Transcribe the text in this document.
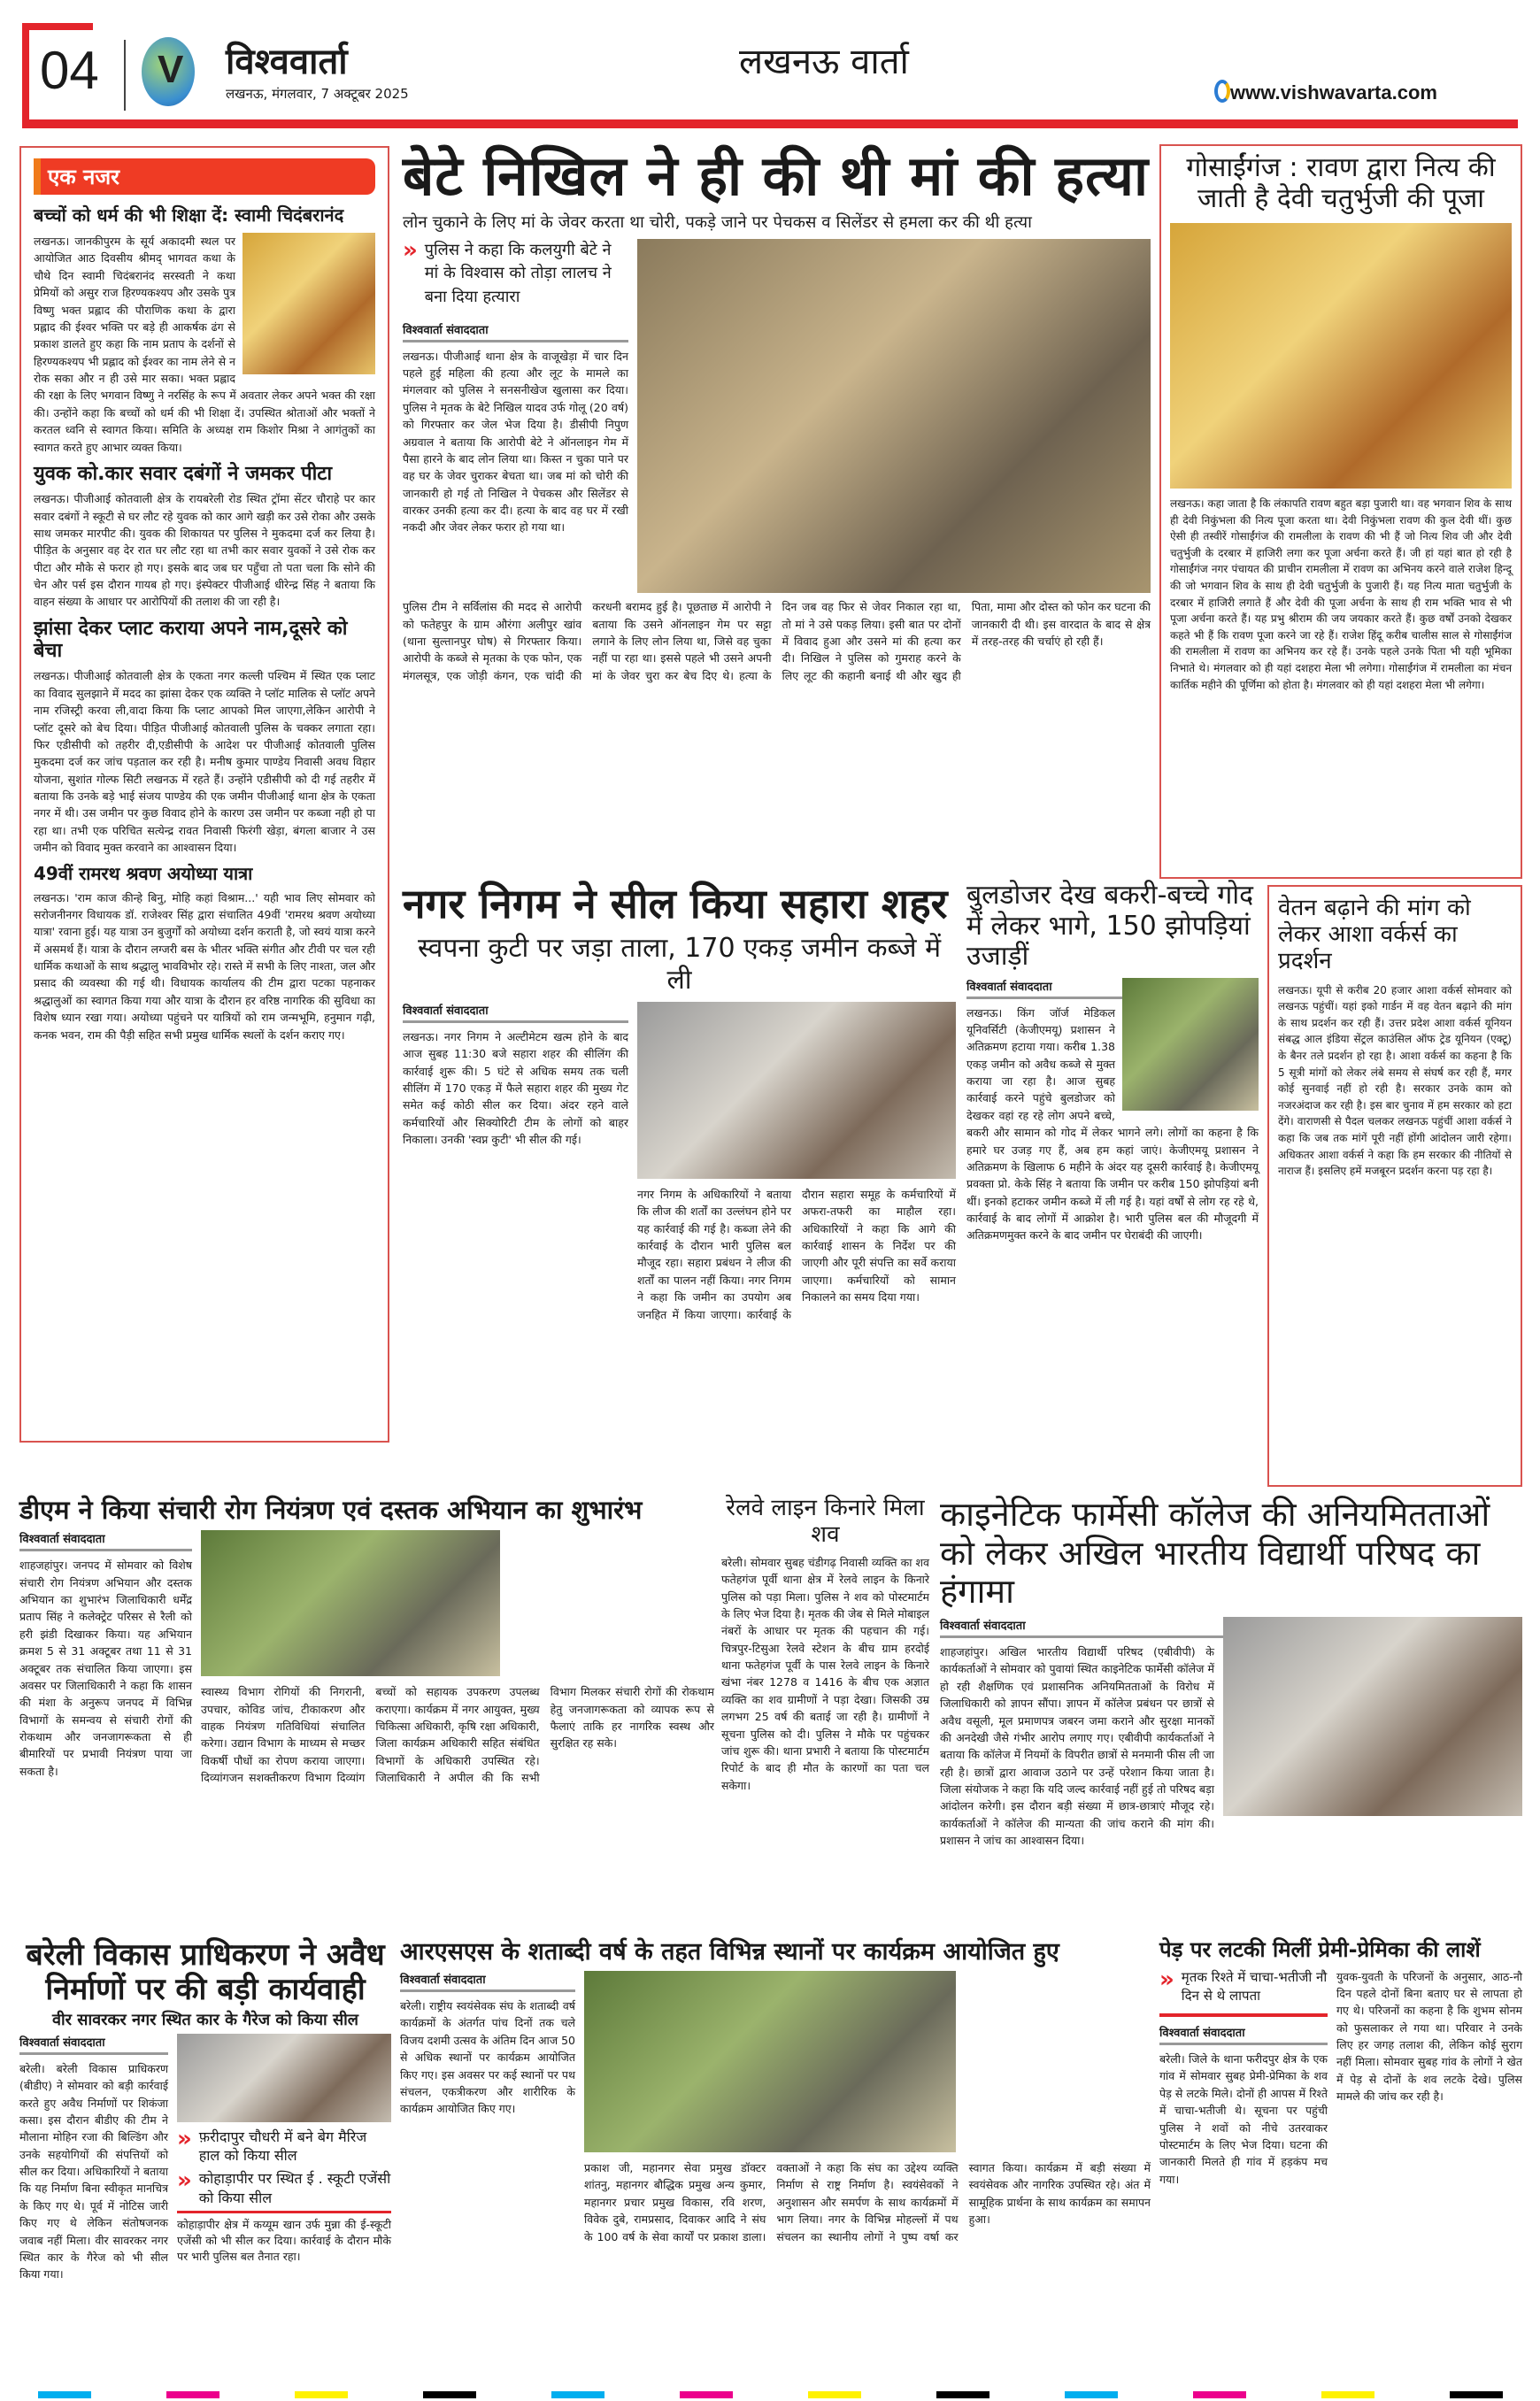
04 V विश्ववार्ता
लखनऊ, मंगलवार, 7 अक्टूबर 2025
लखनऊ वार्ता
www.vishwavarta.com
एक नजर
बच्चों को धर्म की भी शिक्षा दें: स्वामी चिदंबरानंद

लखनऊ। जानकीपुरम के सूर्य अकादमी स्थल पर आयोजित आठ दिवसीय श्रीमद् भागवत कथा के चौथे दिन स्वामी चिदंबरानंद सरस्वती ने कथा प्रेमियों को असुर राज हिरण्यकश्यप और उसके पुत्र विष्णु भक्त प्रह्लाद की पौराणिक कथा के द्वारा प्रह्लाद की ईश्वर भक्ति पर बड़े ही आकर्षक ढंग से प्रकाश डालते हुए कहा कि नाम प्रताप के दर्शनों से हिरण्यकश्यप भी प्रह्लाद को ईश्वर का नाम लेने से न रोक सका और न ही उसे मार सका। भक्त प्रह्लाद की रक्षा के लिए भगवान विष्णु ने नरसिंह के रूप में अवतार लेकर अपने भक्त की रक्षा की। उन्होंने कहा कि बच्चों को धर्म की भी शिक्षा दें। उपस्थित श्रोताओं और भक्तों ने करतल ध्वनि से स्वागत किया। समिति के अध्यक्ष राम किशोर मिश्रा ने आगंतुकों का स्वागत करते हुए आभार व्यक्त किया।

युवक को.कार सवार दबंगों ने जमकर पीटा

लखनऊ। पीजीआई कोतवाली क्षेत्र के रायबरेली रोड स्थित ट्रॉमा सेंटर चौराहे पर कार सवार दबंगों ने स्कूटी से घर लौट रहे युवक को कार आगे खड़ी कर उसे रोका और उसके साथ जमकर मारपीट की। युवक की शिकायत पर पुलिस ने मुकदमा दर्ज कर लिया है। पीड़ित के अनुसार वह देर रात घर लौट रहा था तभी कार सवार युवकों ने उसे रोक कर पीटा और मौके से फरार हो गए। इसके बाद जब घर पहुँचा तो पता चला कि सोने की चेन और पर्स इस दौरान गायब हो गए। इंस्पेक्टर पीजीआई धीरेन्द्र सिंह ने बताया कि वाहन संख्या के आधार पर आरोपियों की तलाश की जा रही है।

झांसा देकर प्लाट कराया अपने नाम,दूसरे को बेचा

लखनऊ। पीजीआई कोतवाली क्षेत्र के एकता नगर कल्ली पश्चिम में स्थित एक प्लाट का विवाद सुलझाने में मदद का झांसा देकर एक व्यक्ति ने प्लॉट मालिक से प्लॉट अपने नाम रजिस्ट्री करवा ली,वादा किया कि प्लाट आपको मिल जाएगा,लेकिन आरोपी ने प्लॉट दूसरे को बेच दिया। पीड़ित पीजीआई कोतवाली पुलिस के चक्कर लगाता रहा। फिर एडीसीपी को तहरीर दी,एडीसीपी के आदेश पर पीजीआई कोतवाली पुलिस मुकदमा दर्ज कर जांच पड़ताल कर रही है। मनीष कुमार पाण्डेय निवासी अवध विहार योजना, सुशांत गोल्फ सिटी लखनऊ में रहते हैं। उन्होंने एडीसीपी को दी गई तहरीर में बताया कि उनके बड़े भाई संजय पाण्डेय की एक जमीन पीजीआई थाना क्षेत्र के एकता नगर में थी। उस जमीन पर कुछ विवाद होने के कारण उस जमीन पर कब्जा नही हो पा रहा था। तभी एक परिचित सत्येन्द्र रावत निवासी फिरंगी खेड़ा, बंगला बाजार ने उस जमीन को विवाद मुक्त करवाने का आश्वासन दिया।

49वीं रामरथ श्रवण अयोध्या यात्रा

लखनऊ। 'राम काज कीन्हे बिनु, मोहि कहां विश्राम...' यही भाव लिए सोमवार को सरोजनीनगर विधायक डॉ. राजेश्वर सिंह द्वारा संचालित 49वीं 'रामरथ श्रवण अयोध्या यात्रा' रवाना हुई। यह यात्रा उन बुजुर्गों को अयोध्या दर्शन कराती है, जो स्वयं यात्रा करने में असमर्थ हैं। यात्रा के दौरान लग्जरी बस के भीतर भक्ति संगीत और टीवी पर चल रही धार्मिक कथाओं के साथ श्रद्धालु भावविभोर रहे। रास्ते में सभी के लिए नाश्ता, जल और प्रसाद की व्यवस्था की गई थी। विधायक कार्यालय की टीम द्वारा पटका पहनाकर श्रद्धालुओं का स्वागत किया गया और यात्रा के दौरान हर वरिष्ठ नागरिक की सुविधा का विशेष ध्यान रखा गया। अयोध्या पहुंचने पर यात्रियों को राम जन्मभूमि, हनुमान गढ़ी, कनक भवन, राम की पैड़ी सहित सभी प्रमुख धार्मिक स्थलों के दर्शन कराए गए।

बेटे निखिल ने ही की थी मां की हत्या
लोन चुकाने के लिए मां के जेवर करता था चोरी, पकड़े जाने पर पेचकस व सिलेंडर से हमला कर की थी हत्या
» पुलिस ने कहा कि कलयुगी बेटे ने मां के विश्वास को तोड़ा लालच ने बना दिया हत्यारा
विश्ववार्ता संवाददाता

लखनऊ। पीजीआई थाना क्षेत्र के वाजूखेड़ा में चार दिन पहले हुई महिला की हत्या और लूट के मामले का मंगलवार को पुलिस ने सनसनीखेज खुलासा कर दिया। पुलिस ने मृतक के बेटे निखिल यादव उर्फ गोलू (20 वर्ष) को गिरफ्तार कर जेल भेज दिया है। डीसीपी निपुण अग्रवाल ने बताया कि आरोपी बेटे ने ऑनलाइन गेम में पैसा हारने के बाद लोन लिया था। किस्त न चुका पाने पर वह घर के जेवर चुराकर बेचता था। जब मां को चोरी की जानकारी हो गई तो निखिल ने पेचकस और सिलेंडर से वारकर उनकी हत्या कर दी। हत्या के बाद वह घर में रखी नकदी और जेवर लेकर फरार हो गया था।

पुलिस टीम ने सर्विलांस की मदद से आरोपी को फतेहपुर के ग्राम औरंगा अलीपुर खांव (थाना सुल्तानपुर घोष) से गिरफ्तार किया। आरोपी के कब्जे से मृतका के एक फोन, एक मंगलसूत्र, एक जोड़ी कंगन, एक चांदी की करधनी बरामद हुई है। पूछताछ में आरोपी ने बताया कि उसने ऑनलाइन गेम पर सट्टा लगाने के लिए लोन लिया था, जिसे वह चुका नहीं पा रहा था। इससे पहले भी उसने अपनी मां के जेवर चुरा कर बेच दिए थे। हत्या के दिन जब वह फिर से जेवर निकाल रहा था, तो मां ने उसे पकड़ लिया। इसी बात पर दोनों में विवाद हुआ और उसने मां की हत्या कर दी। निखिल ने पुलिस को गुमराह करने के लिए लूट की कहानी बनाई थी और खुद ही पिता, मामा और दोस्त को फोन कर घटना की जानकारी दी थी। इस वारदात के बाद से क्षेत्र में तरह-तरह की चर्चाएं हो रही हैं।
गोसाईंगंज : रावण द्वारा नित्य की जाती है देवी चतुर्भुजी की पूजा

लखनऊ। कहा जाता है कि लंकापति रावण बहुत बड़ा पुजारी था। वह भगवान शिव के साथ ही देवी निकुंभला की नित्य पूजा करता था। देवी निकुंभला रावण की कुल देवी थीं। कुछ ऐसी ही तस्वीरें गोसाईंगंज की रामलीला के रावण की भी हैं जो नित्य शिव जी और देवी चतुर्भुजी के दरबार में हाजिरी लगा कर पूजा अर्चना करते हैं। जी हां यहां बात हो रही है गोसाईंगंज नगर पंचायत की प्राचीन रामलीला में रावण का अभिनय करने वाले राजेश हिन्दू की जो भगवान शिव के साथ ही देवी चतुर्भुजी के पुजारी हैं। यह नित्य माता चतुर्भुजी के दरबार में हाजिरी लगाते हैं और देवी की पूजा अर्चना के साथ ही राम भक्ति भाव से भी पूजा अर्चना करते हैं। यह प्रभु श्रीराम की जय जयकार करते हैं। कुछ वर्षों उनको देखकर कहते भी हैं कि रावण पूजा करने जा रहे हैं। राजेश हिंदू करीब चालीस साल से गोसाईंगंज की रामलीला में रावण का अभिनय कर रहे हैं। उनके पहले उनके पिता भी यही भूमिका निभाते थे। मंगलवार को ही यहां दशहरा मेला भी लगेगा। गोसाईंगंज में रामलीला का मंचन कार्तिक महीने की पूर्णिमा को होता है। मंगलवार को ही यहां दशहरा मेला भी लगेगा।

नगर निगम ने सील किया सहारा शहर
स्वपना कुटी पर जड़ा ताला, 170 एकड़ जमीन कब्जे में ली
विश्ववार्ता संवाददाता

लखनऊ। नगर निगम ने अल्टीमेटम खत्म होने के बाद आज सुबह 11:30 बजे सहारा शहर की सीलिंग की कार्रवाई शुरू की। 5 घंटे से अधिक समय तक चली सीलिंग में 170 एकड़ में फैले सहारा शहर की मुख्य गेट समेत कई कोठी सील कर दिया। अंदर रहने वाले कर्मचारियों और सिक्योरिटी टीम के लोगों को बाहर निकाला। उनकी 'स्वप्न कुटी' भी सील की गई।

नगर निगम के अधिकारियों ने बताया कि लीज की शर्तों का उल्लंघन होने पर यह कार्रवाई की गई है। कब्जा लेने की कार्रवाई के दौरान भारी पुलिस बल मौजूद रहा। सहारा प्रबंधन ने लीज की शर्तों का पालन नहीं किया। नगर निगम ने कहा कि जमीन का उपयोग अब जनहित में किया जाएगा। कार्रवाई के दौरान सहारा समूह के कर्मचारियों में अफरा-तफरी का माहौल रहा। अधिकारियों ने कहा कि आगे की कार्रवाई शासन के निर्देश पर की जाएगी और पूरी संपत्ति का सर्वे कराया जाएगा। कर्मचारियों को सामान निकालने का समय दिया गया।
बुलडोजर देख बकरी-बच्चे गोद में लेकर भागे, 150 झोपड़ियां उजाड़ीं
विश्ववार्ता संवाददाता

लखनऊ। किंग जॉर्ज मेडिकल यूनिवर्सिटी (केजीएमयू) प्रशासन ने अतिक्रमण हटाया गया। करीब 1.38 एकड़ जमीन को अवैध कब्जे से मुक्त कराया जा रहा है। आज सुबह कार्रवाई करने पहुंचे बुलडोजर को देखकर वहां रह रहे लोग अपने बच्चे, बकरी और सामान को गोद में लेकर भागने लगे। लोगों का कहना है कि हमारे घर उजड़ गए हैं, अब हम कहां जाएं। केजीएमयू प्रशासन ने अतिक्रमण के खिलाफ 6 महीने के अंदर यह दूसरी कार्रवाई है। केजीएमयू प्रवक्ता प्रो. केके सिंह ने बताया कि जमीन पर करीब 150 झोपड़ियां बनी थीं। इनको हटाकर जमीन कब्जे में ली गई है। यहां वर्षों से लोग रह रहे थे, कार्रवाई के बाद लोगों में आक्रोश है। भारी पुलिस बल की मौजूदगी में अतिक्रमणमुक्त करने के बाद जमीन पर घेराबंदी की जाएगी।

वेतन बढ़ाने की मांग को लेकर आशा वर्कर्स का प्रदर्शन

लखनऊ। यूपी से करीब 20 हजार आशा वर्कर्स सोमवार को लखनऊ पहुंचीं। यहां इको गार्डन में वह वेतन बढ़ाने की मांग के साथ प्रदर्शन कर रही हैं। उत्तर प्रदेश आशा वर्कर्स यूनियन संबद्ध आल इंडिया सेंट्रल काउंसिल ऑफ ट्रेड यूनियन (एक्टू) के बैनर तले प्रदर्शन हो रहा है। आशा वर्कर्स का कहना है कि 5 सूत्री मांगों को लेकर लंबे समय से संघर्ष कर रही हैं, मगर कोई सुनवाई नहीं हो रही है। सरकार उनके काम को नजरअंदाज कर रही है। इस बार चुनाव में हम सरकार को हटा देंगे। वाराणसी से पैदल चलकर लखनऊ पहुंचीं आशा वर्कर्स ने कहा कि जब तक मांगें पूरी नहीं होंगी आंदोलन जारी रहेगा। अधिकतर आशा वर्कर्स ने कहा कि हम सरकार की नीतियों से नाराज हैं। इसलिए हमें मजबूरन प्रदर्शन करना पड़ रहा है।

डीएम ने किया संचारी रोग नियंत्रण एवं दस्तक अभियान का शुभारंभ
विश्ववार्ता संवाददाता

शाहजहांपुर। जनपद में सोमवार को विशेष संचारी रोग नियंत्रण अभियान और दस्तक अभियान का शुभारंभ जिलाधिकारी धर्मेंद्र प्रताप सिंह ने कलेक्ट्रेट परिसर से रैली को हरी झंडी दिखाकर किया। यह अभियान क्रमश 5 से 31 अक्टूबर तथा 11 से 31 अक्टूबर तक संचालित किया जाएगा। इस अवसर पर जिलाधिकारी ने कहा कि शासन की मंशा के अनुरूप जनपद में विभिन्न विभागों के समन्वय से संचारी रोगों की रोकथाम और जनजागरूकता से ही बीमारियों पर प्रभावी नियंत्रण पाया जा सकता है।

स्वास्थ्य विभाग रोगियों की निगरानी, उपचार, कोविड जांच, टीकाकरण और वाहक नियंत्रण गतिविधियां संचालित करेगा। उद्यान विभाग के माध्यम से मच्छर विकर्षी पौधों का रोपण कराया जाएगा। दिव्यांगजन सशक्तीकरण विभाग दिव्यांग बच्चों को सहायक उपकरण उपलब्ध कराएगा। कार्यक्रम में नगर आयुक्त, मुख्य चिकित्सा अधिकारी, कृषि रक्षा अधिकारी, जिला कार्यक्रम अधिकारी सहित संबंधित विभागों के अधिकारी उपस्थित रहे। जिलाधिकारी ने अपील की कि सभी विभाग मिलकर संचारी रोगों की रोकथाम हेतु जनजागरूकता को व्यापक रूप से फैलाएं ताकि हर नागरिक स्वस्थ और सुरक्षित रह सके।
रेलवे लाइन किनारे मिला शव
बरेली। सोमवार सुबह चंडीगढ़ निवासी व्यक्ति का शव फतेहगंज पूर्वी थाना क्षेत्र में रेलवे लाइन के किनारे पुलिस को पड़ा मिला। पुलिस ने शव को पोस्टमार्टम के लिए भेज दिया है। मृतक की जेब से मिले मोबाइल नंबरों के आधार पर मृतक की पहचान की गई। चित्रपुर-टिसुआ रेलवे स्टेशन के बीच ग्राम हरदोई थाना फतेहगंज पूर्वी के पास रेलवे लाइन के किनारे खंभा नंबर 1278 व 1416 के बीच एक अज्ञात व्यक्ति का शव ग्रामीणों ने पड़ा देखा। जिसकी उम्र लगभग 25 वर्ष की बताई जा रही है। ग्रामीणों ने सूचना पुलिस को दी। पुलिस ने मौके पर पहुंचकर जांच शुरू की। थाना प्रभारी ने बताया कि पोस्टमार्टम रिपोर्ट के बाद ही मौत के कारणों का पता चल सकेगा।
काइनेटिक फार्मेसी कॉलेज की अनियमितताओं को लेकर अखिल भारतीय विद्यार्थी परिषद का हंगामा
विश्ववार्ता संवाददाता

शाहजहांपुर। अखिल भारतीय विद्यार्थी परिषद (एबीवीपी) के कार्यकर्ताओं ने सोमवार को पुवायां स्थित काइनेटिक फार्मेसी कॉलेज में हो रही शैक्षणिक एवं प्रशासनिक अनियमितताओं के विरोध में जिलाधिकारी को ज्ञापन सौंपा। ज्ञापन में कॉलेज प्रबंधन पर छात्रों से अवैध वसूली, मूल प्रमाणपत्र जबरन जमा कराने और सुरक्षा मानकों की अनदेखी जैसे गंभीर आरोप लगाए गए। एबीवीपी कार्यकर्ताओं ने बताया कि कॉलेज में नियमों के विपरीत छात्रों से मनमानी फीस ली जा रही है। छात्रों द्वारा आवाज उठाने पर उन्हें परेशान किया जाता है। जिला संयोजक ने कहा कि यदि जल्द कार्रवाई नहीं हुई तो परिषद बड़ा आंदोलन करेगी। इस दौरान बड़ी संख्या में छात्र-छात्राएं मौजूद रहे। कार्यकर्ताओं ने कॉलेज की मान्यता की जांच कराने की मांग की। प्रशासन ने जांच का आश्वासन दिया।

बरेली विकास प्राधिकरण ने अवैध निर्माणों पर की बड़ी कार्यवाही
वीर सावरकर नगर स्थित कार के गैरेज को किया सील
विश्ववार्ता संवाददाता

बरेली। बरेली विकास प्राधिकरण (बीडीए) ने सोमवार को बड़ी कार्रवाई करते हुए अवैध निर्माणों पर शिकंजा कसा। इस दौरान बीडीए की टीम ने मौलाना मोहिन रजा की बिल्डिंग और उनके सहयोगियों की संपत्तियों को सील कर दिया। अधिकारियों ने बताया कि यह निर्माण बिना स्वीकृत मानचित्र के किए गए थे। पूर्व में नोटिस जारी किए गए थे लेकिन संतोषजनक जवाब नहीं मिला। वीर सावरकर नगर स्थित कार के गैरेज को भी सील किया गया।

» फ़रीदापुर चौधरी में बने बेग मैरिज हाल को किया सील
» कोहाड़ापीर पर स्थित ई . स्कूटी एजेंसी को किया सील
कोहाड़ापीर क्षेत्र में कय्यूम खान उर्फ मुन्ना की ई-स्कूटी एजेंसी को भी सील कर दिया। कार्रवाई के दौरान मौके पर भारी पुलिस बल तैनात रहा।
आरएसएस के शताब्दी वर्ष के तहत विभिन्न स्थानों पर कार्यक्रम आयोजित हुए
विश्ववार्ता संवाददाता

बरेली। राष्ट्रीय स्वयंसेवक संघ के शताब्दी वर्ष कार्यक्रमों के अंतर्गत पांच दिनों तक चले विजय दशमी उत्सव के अंतिम दिन आज 50 से अधिक स्थानों पर कार्यक्रम आयोजित किए गए। इस अवसर पर कई स्थानों पर पथ संचलन, एकत्रीकरण और शारीरिक के कार्यक्रम आयोजित किए गए।

प्रकाश जी, महानगर सेवा प्रमुख डॉक्टर शांतनु, महानगर बौद्धिक प्रमुख अन्य कुमार, महानगर प्रचार प्रमुख विकास, रवि शरण, विवेक दुबे, रामप्रसाद, दिवाकर आदि ने संघ के 100 वर्ष के सेवा कार्यों पर प्रकाश डाला। वक्ताओं ने कहा कि संघ का उद्देश्य व्यक्ति निर्माण से राष्ट्र निर्माण है। स्वयंसेवकों ने अनुशासन और समर्पण के साथ कार्यक्रमों में भाग लिया। नगर के विभिन्न मोहल्लों में पथ संचलन का स्थानीय लोगों ने पुष्प वर्षा कर स्वागत किया। कार्यक्रम में बड़ी संख्या में स्वयंसेवक और नागरिक उपस्थित रहे। अंत में सामूहिक प्रार्थना के साथ कार्यक्रम का समापन हुआ।
पेड़ पर लटकी मिलीं प्रेमी-प्रेमिका की लाशें
» मृतक रिश्ते में चाचा-भतीजी नौ दिन से थे लापता
विश्ववार्ता संवाददाता

बरेली। जिले के थाना फरीदपुर क्षेत्र के एक गांव में सोमवार सुबह प्रेमी-प्रेमिका के शव पेड़ से लटके मिले। दोनों ही आपस में रिश्ते में चाचा-भतीजी थे। सूचना पर पहुंची पुलिस ने शवों को नीचे उतरवाकर पोस्टमार्टम के लिए भेज दिया। घटना की जानकारी मिलते ही गांव में हड़कंप मच गया।

युवक-युवती के परिजनों के अनुसार, आठ-नौ दिन पहले दोनों बिना बताए घर से लापता हो गए थे। परिजनों का कहना है कि शुभम सोनम को फुसलाकर ले गया था। परिवार ने उनके लिए हर जगह तलाश की, लेकिन कोई सुराग नहीं मिला। सोमवार सुबह गांव के लोगों ने खेत में पेड़ से दोनों के शव लटके देखे। पुलिस मामले की जांच कर रही है।
